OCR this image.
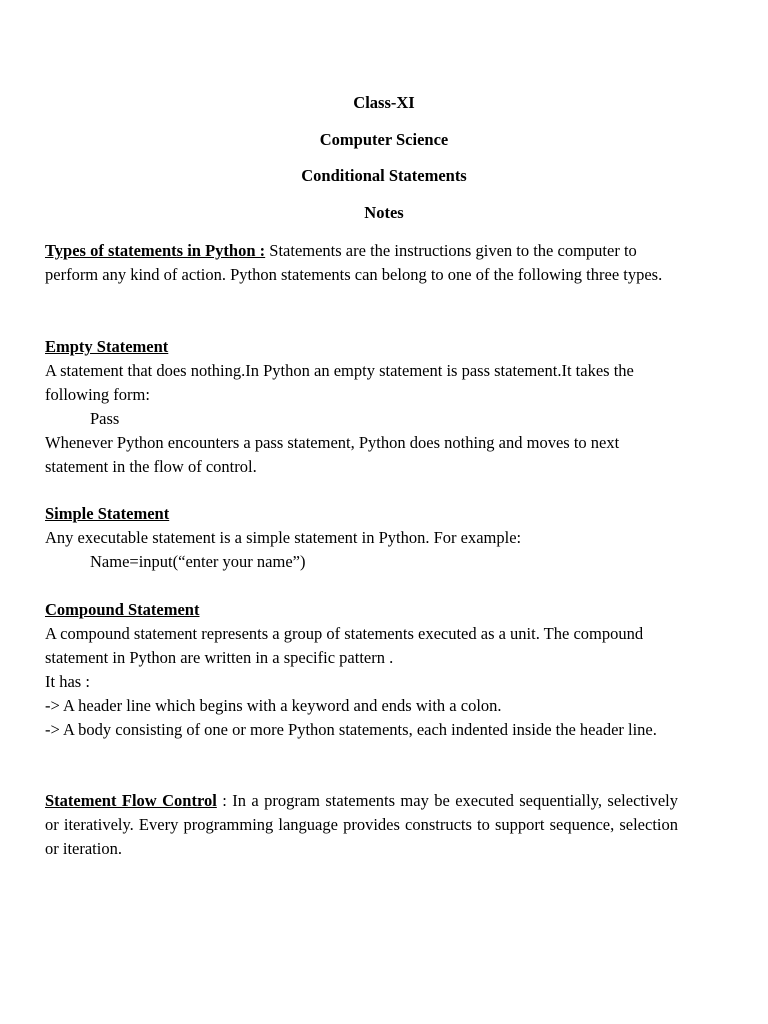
Class-XI
Computer Science
Conditional Statements
Notes

Types of statements in Python : Statements are the instructions given to the computer to perform any kind of action. Python statements can belong to one of the following three types.

Empty Statement

A statement that does nothing.In Python an empty statement is pass statement.It takes the following form:

Pass

Whenever Python encounters a pass statement, Python does nothing and moves to next statement in the flow of control.

Simple Statement

Any executable statement is a simple statement in Python. For example:

Name=input(“enter your name”)

Compound Statement

A compound statement represents a group of statements executed as a unit. The compound statement in Python are written in a specific pattern .

It has :

-> A header line which begins with a keyword and ends with a colon.

-> A body consisting of one or more Python statements, each indented inside the header line.

Statement Flow Control : In a program statements may be executed sequentially, selectively or iteratively. Every programming language provides constructs to support sequence, selection or iteration.
